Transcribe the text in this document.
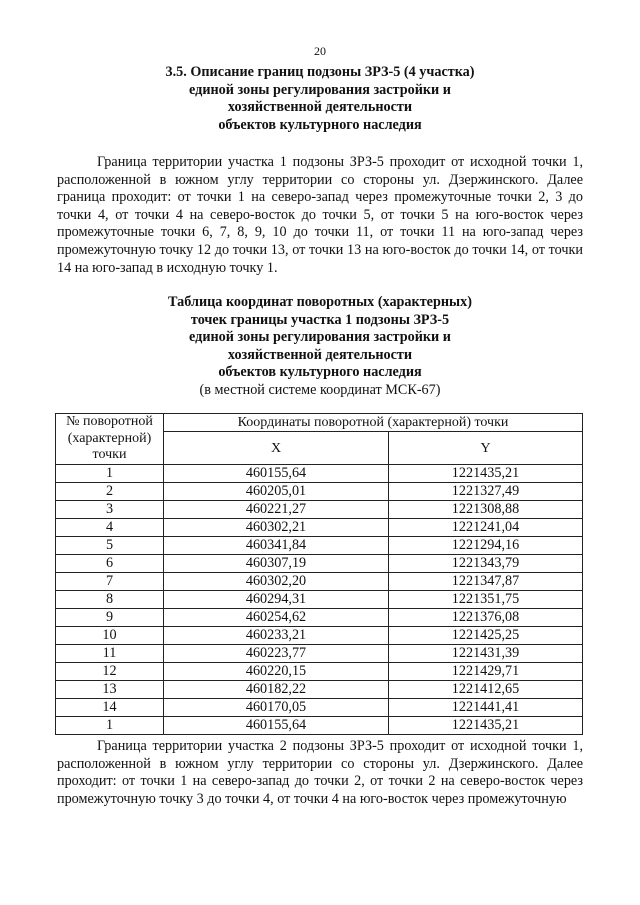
20
3.5. Описание границ подзоны ЗРЗ-5 (4 участка)
единой зоны регулирования застройки и
хозяйственной деятельности
объектов культурного наследия

Граница территории участка 1 подзоны ЗРЗ-5 проходит от исходной точки 1, расположенной в южном углу территории со стороны ул. Дзержинского. Далее граница проходит: от точки 1 на северо-запад через промежуточные точки 2, 3 до точки 4, от точки 4 на северо-восток до точки 5, от точки 5 на юго-восток через промежуточные точки 6, 7, 8, 9, 10 до точки 11, от точки 11 на юго-запад через промежуточную точку 12 до точки 13, от точки 13 на юго-восток до точки 14, от точки 14 на юго-запад в исходную точку 1.

Таблица координат поворотных (характерных)
точек границы участка 1 подзоны ЗРЗ-5
единой зоны регулирования застройки и
хозяйственной деятельности
объектов культурного наследия
(в местной системе координат МСК-67)
№ поворотной (характерной) точки	Координаты поворотной (характерной) точки	
	X	Y
1	460155,64	1221435,21
2	460205,01	1221327,49
3	460221,27	1221308,88
4	460302,21	1221241,04
5	460341,84	1221294,16
6	460307,19	1221343,79
7	460302,20	1221347,87
8	460294,31	1221351,75
9	460254,62	1221376,08
10	460233,21	1221425,25
11	460223,77	1221431,39
12	460220,15	1221429,71
13	460182,22	1221412,65
14	460170,05	1221441,41
1	460155,64	1221435,21

Граница территории участка 2 подзоны ЗРЗ-5 проходит от исходной точки 1, расположенной в южном углу территории со стороны ул. Дзержинского. Далее проходит: от точки 1 на северо-запад до точки 2, от точки 2 на северо-восток через промежуточную точку 3 до точки 4, от точки 4 на юго-восток через промежуточную
